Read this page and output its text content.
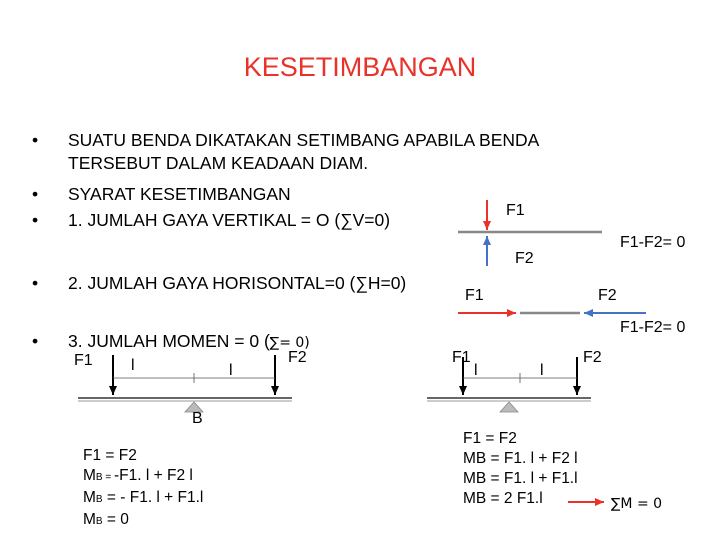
KESETIMBANGAN
• SUATU BENDA DIKATAKAN SETIMBANG APABILA BENDA
TERSEBUT DALAM KEADAAN DIAM.
• SYARAT KESETIMBANGAN
• 1. JUMLAH GAYA VERTIKAL = O (∑V=0)
• 2. JUMLAH GAYA HORISONTAL=0 (∑H=0)
• 3. JUMLAH MOMEN = 0 (∑= 0)
F1
F2
F1-F2= 0
F1	F2
F1-F2= 0
F1	F2
l	l
B
F1	F2
l	l
F1 = F2
MB = -F1. l + F2 l
MB = - F1. l + F1.l
MB = 0
F1 = F2
MB = F1. l + F2 l
MB = F1. l + F1.l
MB = 2 F1.l	∑M = 0
